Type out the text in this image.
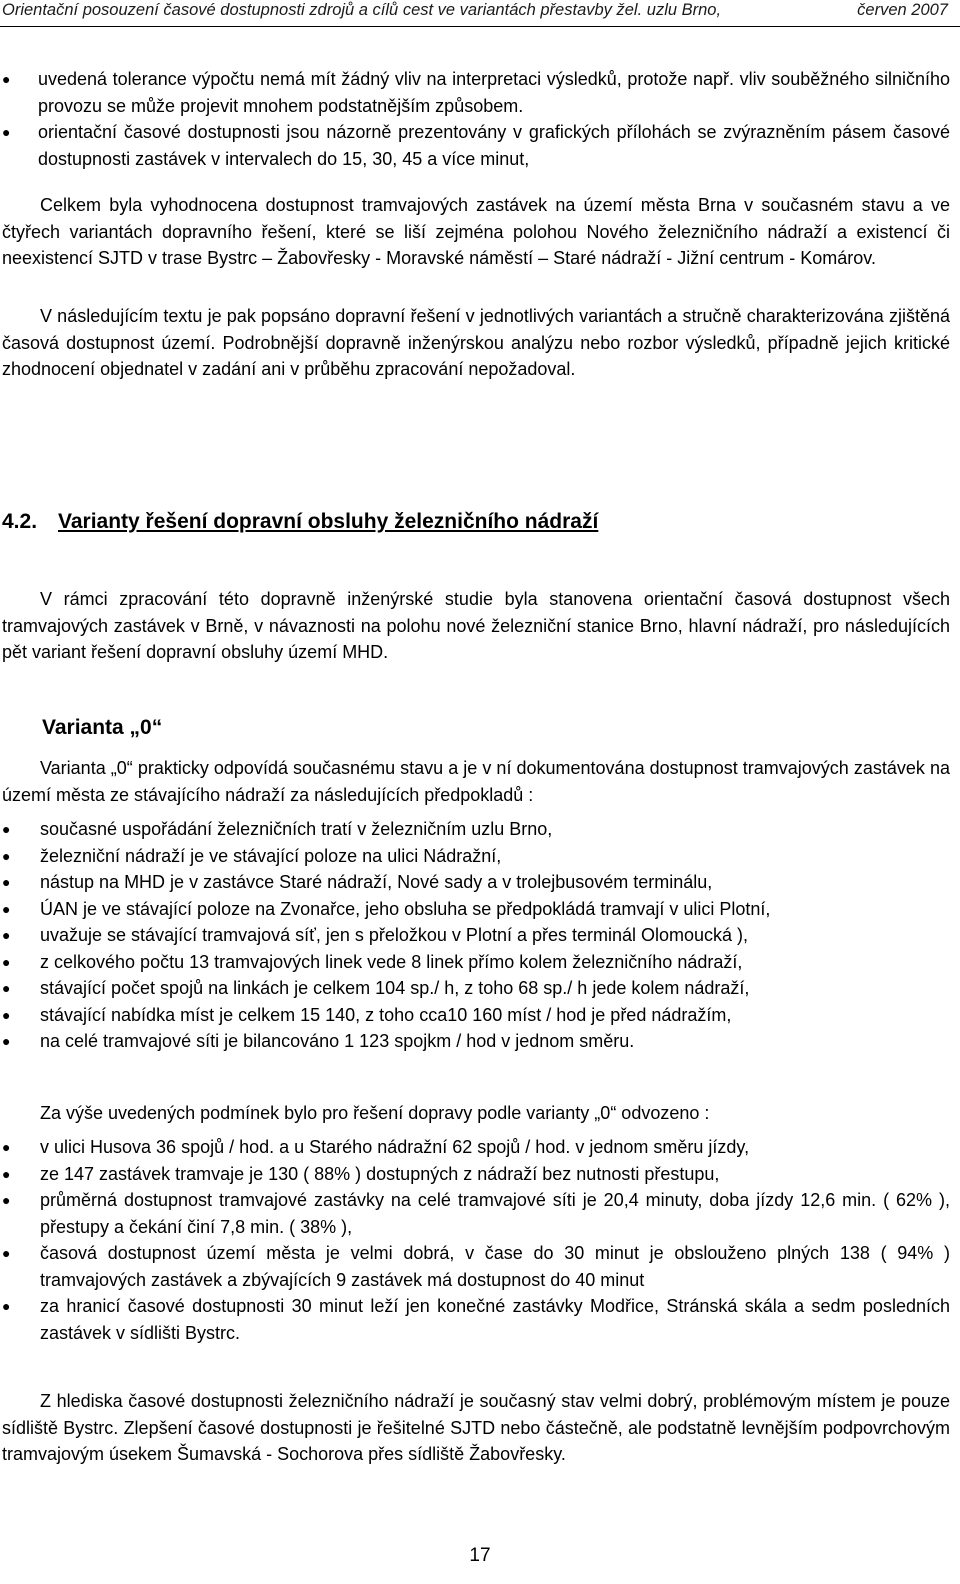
Orientační posouzení časové dostupnosti zdrojů a cílů cest ve variantách přestavby žel. uzlu Brno,	červen 2007
● uvedená tolerance výpočtu nemá mít žádný vliv na interpretaci výsledků, protože např. vliv souběžného silničního provozu se může projevit mnohem podstatnějším způsobem.
● orientační časové dostupnosti jsou názorně prezentovány v grafických přílohách se zvýrazněním pásem časové dostupnosti zastávek v intervalech do 15, 30, 45 a více minut,

Celkem byla vyhodnocena dostupnost tramvajových zastávek na území města Brna v současném stavu a ve čtyřech variantách dopravního řešení, které se liší zejména polohou Nového železničního nádraží a existencí či neexistencí SJTD v trase Bystrc – Žabovřesky - Moravské náměstí – Staré nádraží - Jižní centrum - Komárov.

V následujícím textu je pak popsáno dopravní řešení v jednotlivých variantách a stručně charakterizována zjištěná časová dostupnost území. Podrobnější dopravně inženýrskou analýzu nebo rozbor výsledků, případně jejich kritické zhodnocení objednatel v zadání ani v průběhu zpracování nepožadoval.

4.2. Varianty řešení dopravní obsluhy železničního nádraží

V rámci zpracování této dopravně inženýrské studie byla stanovena orientační časová dostupnost všech tramvajových zastávek v Brně, v návaznosti na polohu nové železniční stanice Brno, hlavní nádraží, pro následujících pět variant řešení dopravní obsluhy území MHD.

Varianta „0“

Varianta „0“ prakticky odpovídá současnému stavu a je v ní dokumentována dostupnost tramvajových zastávek na území města ze stávajícího nádraží za následujících předpokladů :

● současné uspořádání železničních tratí v železničním uzlu Brno,
● železniční nádraží je ve stávající poloze na ulici Nádražní,
● nástup na MHD je v zastávce Staré nádraží, Nové sady a v trolejbusovém terminálu,
● ÚAN je ve stávající poloze na Zvonařce, jeho obsluha se předpokládá tramvají v ulici Plotní,
● uvažuje se stávající tramvajová síť, jen s přeložkou v Plotní a přes terminál Olomoucká ),
● z celkového počtu 13 tramvajových linek vede 8 linek přímo kolem železničního nádraží,
● stávající počet spojů na linkách je celkem 104 sp./ h, z toho 68 sp./ h jede kolem nádraží,
● stávající nabídka míst je celkem 15 140, z toho cca10 160 míst / hod je před nádražím,
● na celé tramvajové síti je bilancováno 1 123 spojkm / hod v jednom směru.

Za výše uvedených podmínek bylo pro řešení dopravy podle varianty „0“ odvozeno :

● v ulici Husova 36 spojů / hod. a u Starého nádražní 62 spojů / hod. v jednom směru jízdy,
● ze 147 zastávek tramvaje je 130 ( 88% ) dostupných z nádraží bez nutnosti přestupu,
● průměrná dostupnost tramvajové zastávky na celé tramvajové síti je 20,4 minuty, doba jízdy 12,6 min. ( 62% ), přestupy a čekání činí 7,8 min. ( 38% ),
● časová dostupnost území města je velmi dobrá, v čase do 30 minut je obslouženo plných 138 ( 94% ) tramvajových zastávek a zbývajících 9 zastávek má dostupnost do 40 minut
● za hranicí časové dostupnosti 30 minut leží jen konečné zastávky Modřice, Stránská skála a sedm posledních zastávek v sídlišti Bystrc.

Z hlediska časové dostupnosti železničního nádraží je současný stav velmi dobrý, problémovým místem je pouze sídliště Bystrc. Zlepšení časové dostupnosti je řešitelné SJTD nebo částečně, ale podstatně levnějším podpovrchovým tramvajovým úsekem Šumavská - Sochorova přes sídliště Žabovřesky.

17
